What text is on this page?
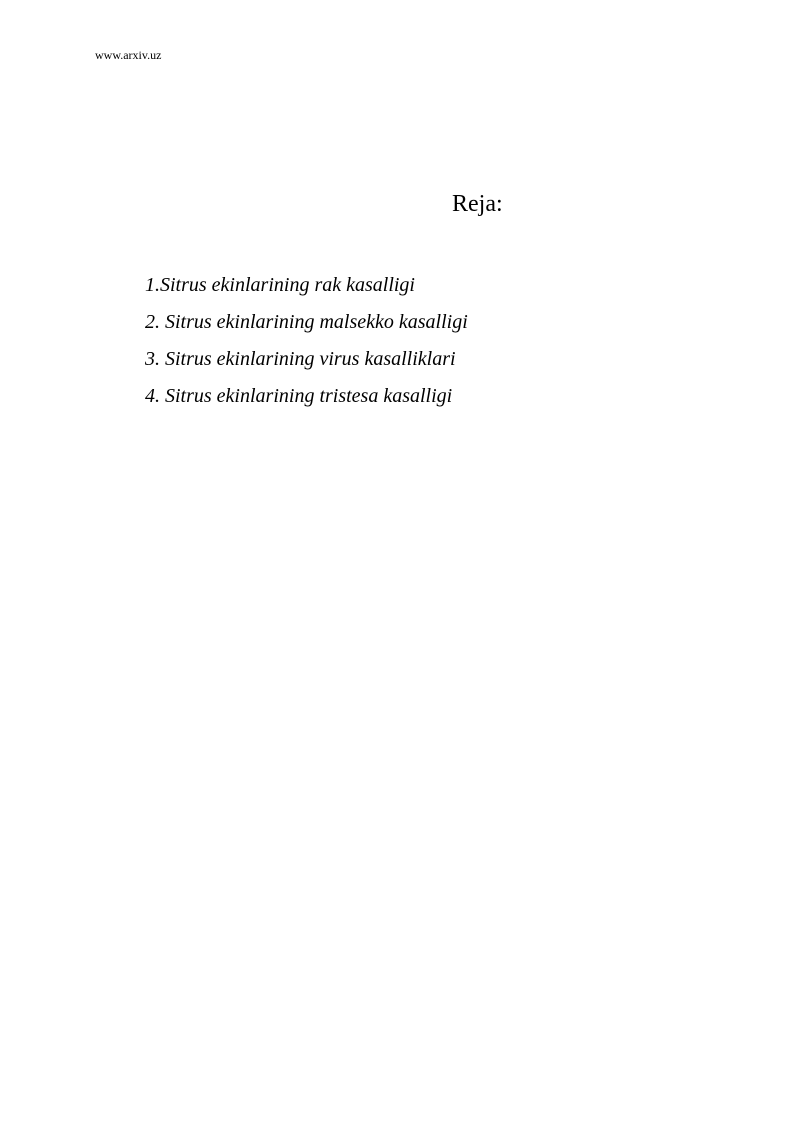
www.arxiv.uz
Reja:
1.Sitrus ekinlarining rak kasalligi
2. Sitrus ekinlarining malsekko kasalligi
3. Sitrus ekinlarining virus kasalliklari
4. Sitrus ekinlarining tristesa kasalligi
